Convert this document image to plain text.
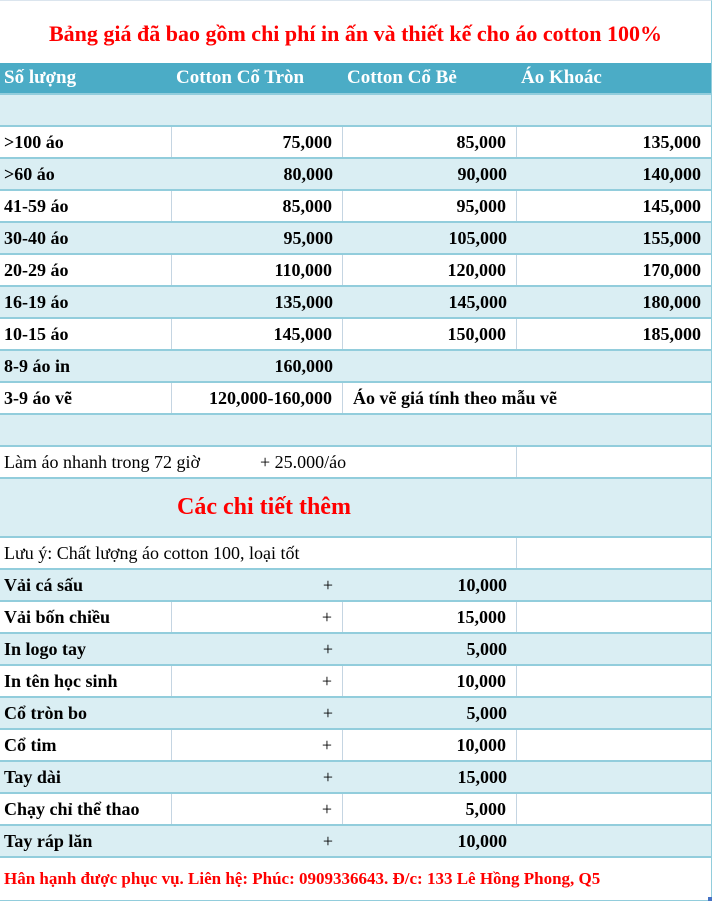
Bảng giá đã bao gồm chi phí in ấn và thiết kế cho áo cotton 100%
Số lượng	Cotton Cổ Tròn	Cotton Cổ Bẻ	Áo Khoác
>100 áo	75,000	85,000	135,000
>60 áo	80,000	90,000	140,000
41-59 áo	85,000	95,000	145,000
30-40 áo	95,000	105,000	155,000
20-29 áo	110,000	120,000	170,000
16-19 áo	135,000	145,000	180,000
10-15 áo	145,000	150,000	185,000
8-9 áo in	160,000
3-9 áo vẽ	120,000-160,000	Áo vẽ giá tính theo mẫu vẽ
Làm áo nhanh trong 72 giờ	+ 25.000/áo
Các chi tiết thêm
Lưu ý: Chất lượng áo cotton 100, loại tốt
Vải cá sấu	+	10,000
Vải bốn chiều	+	15,000
In logo tay	+	5,000
In tên học sinh	+	10,000
Cổ tròn bo	+	5,000
Cổ tim	+	10,000
Tay dài	+	15,000
Chạy chỉ thể thao	+	5,000
Tay ráp lăn	+	10,000
Hân hạnh được phục vụ. Liên hệ: Phúc: 0909336643. Đ/c: 133 Lê Hồng Phong, Q5
